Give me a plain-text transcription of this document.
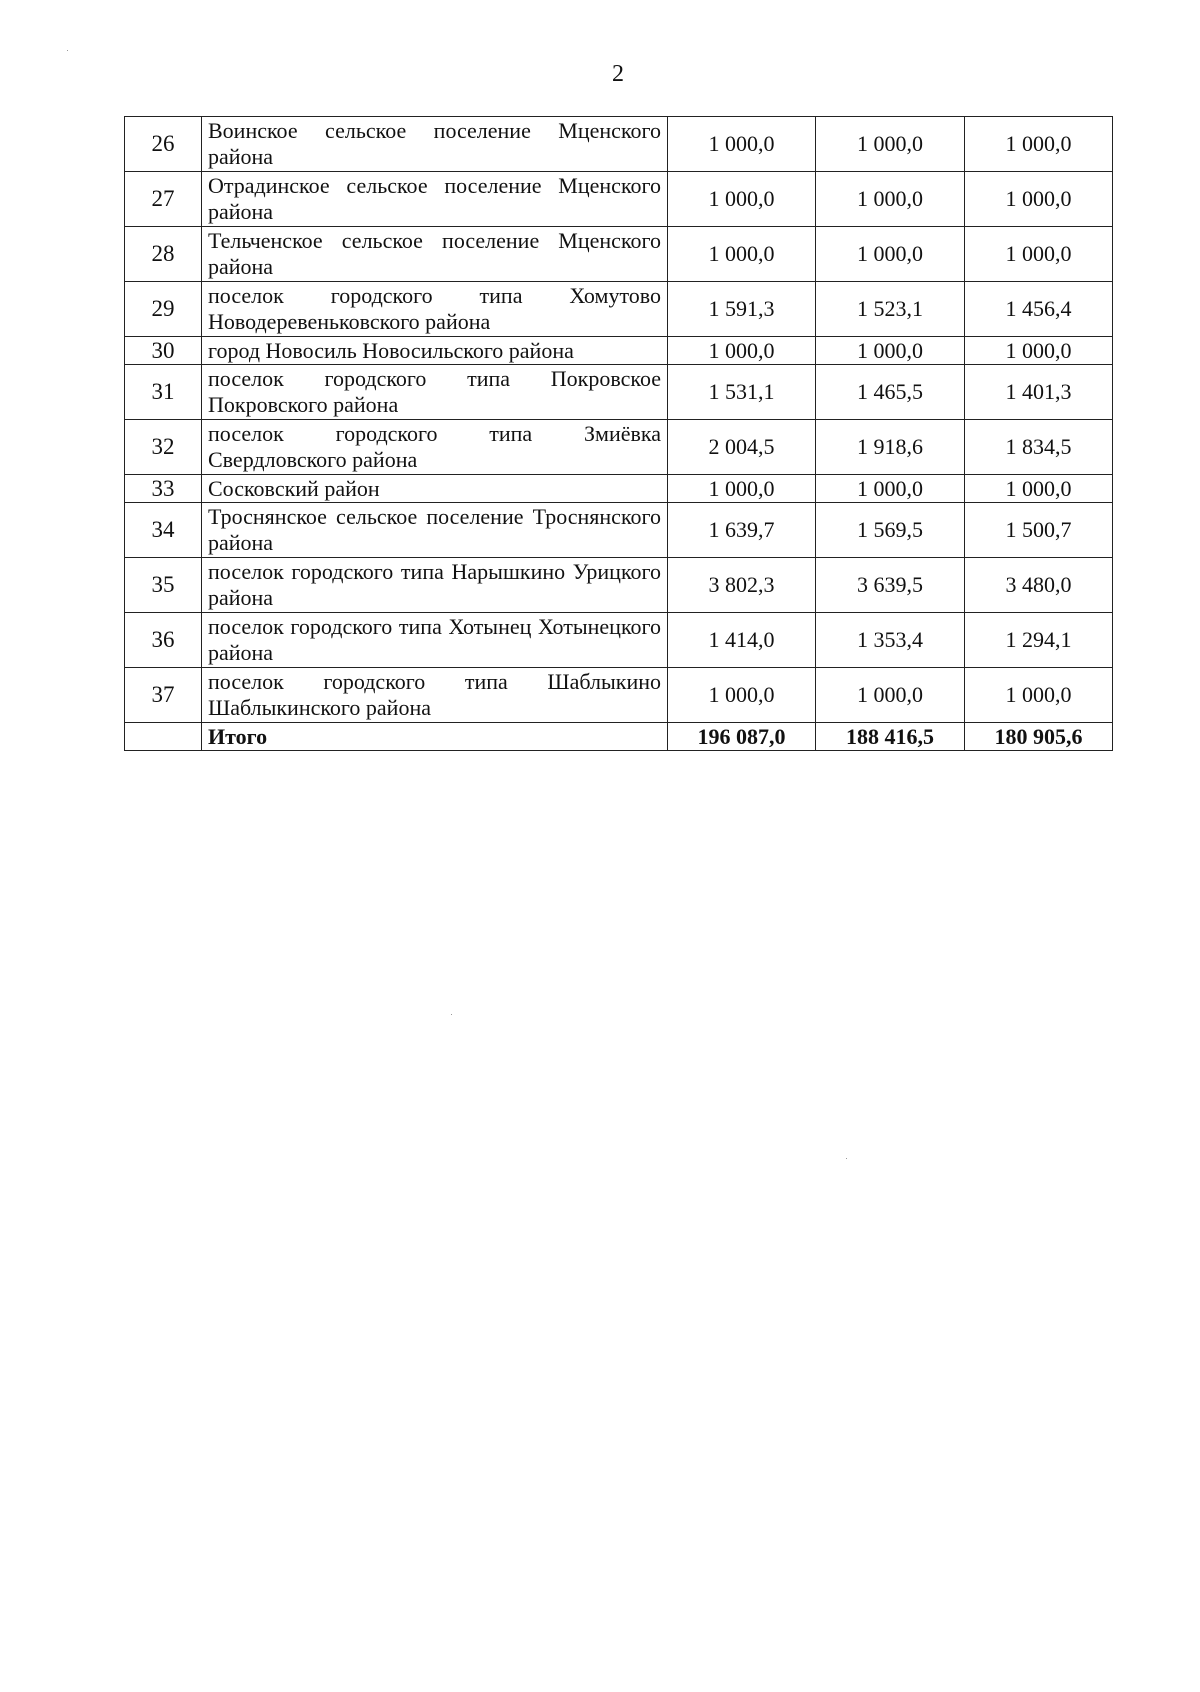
2
26	Воинское сельское поселение Мценского района	1 000,0	1 000,0	1 000,0
27	Отрадинское сельское поселение Мценского района	1 000,0	1 000,0	1 000,0
28	Тельченское сельское поселение Мценского района	1 000,0	1 000,0	1 000,0
29	поселок городского типа Хомутово Новодеревеньковского района	1 591,3	1 523,1	1 456,4
30	город Новосиль Новосильского района	1 000,0	1 000,0	1 000,0
31	поселок городского типа Покровское Покровского района	1 531,1	1 465,5	1 401,3
32	поселок городского типа Змиёвка Свердловского района	2 004,5	1 918,6	1 834,5
33	Сосковский район	1 000,0	1 000,0	1 000,0
34	Троснянское сельское поселение Троснянского района	1 639,7	1 569,5	1 500,7
35	поселок городского типа Нарышкино Урицкого района	3 802,3	3 639,5	3 480,0
36	поселок городского типа Хотынец Хотынецкого района	1 414,0	1 353,4	1 294,1
37	поселок городского типа Шаблыкино Шаблыкинского района	1 000,0	1 000,0	1 000,0
	Итого	196 087,0	188 416,5	180 905,6
